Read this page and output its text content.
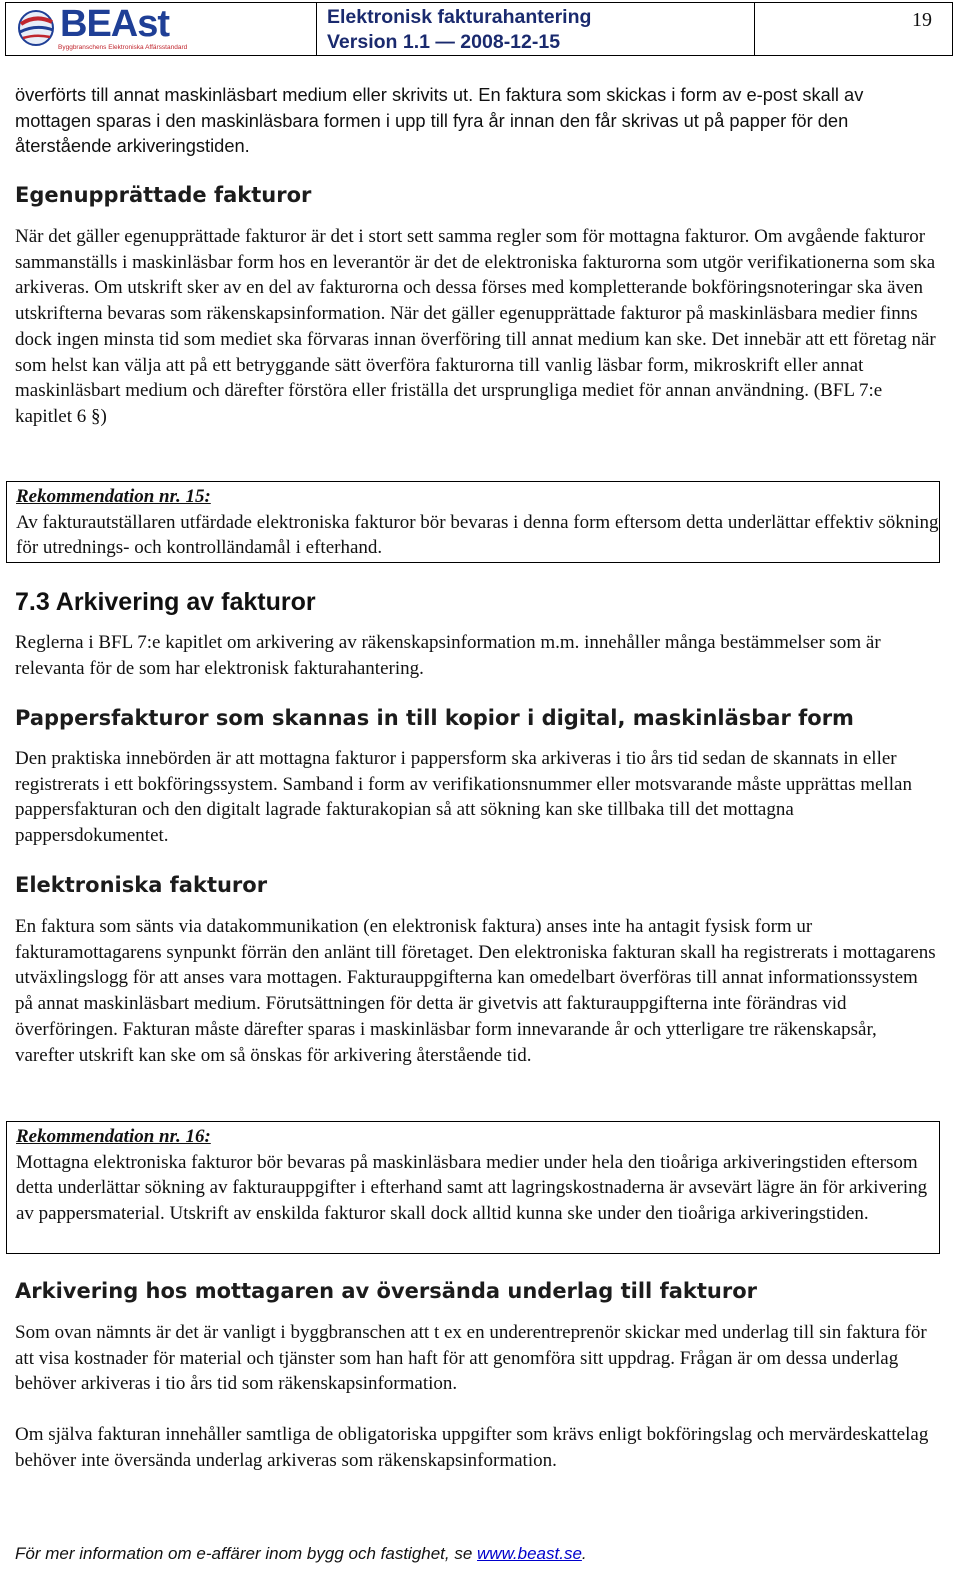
BEAst
Byggbranschens Elektroniska Affärsstandard
Elektronisk fakturahantering
Version 1.1 — 2008-12-15
19

överförts till annat maskinläsbart medium eller skrivits ut. En faktura som skickas i form av e-post skall av mottagen sparas i den maskinläsbara formen i upp till fyra år innan den får skrivas ut på papper för den återstående arkiveringstiden.

Egenupprättade fakturor

När det gäller egenupprättade fakturor är det i stort sett samma regler som för mottagna fakturor. Om avgående fakturor sammanställs i maskinläsbar form hos en leverantör är det de elektroniska fakturorna som utgör verifikationerna som ska arkiveras. Om utskrift sker av en del av fakturorna och dessa förses med kompletterande bokföringsnoteringar ska även utskrifterna bevaras som räkenskapsinformation. När det gäller egenupprättade fakturor på maskinläsbara medier finns dock ingen minsta tid som mediet ska förvaras innan överföring till annat medium kan ske. Det innebär att ett företag när som helst kan välja att på ett betryggande sätt överföra fakturorna till vanlig läsbar form, mikroskrift eller annat maskinläsbart medium och därefter förstöra eller friställa det ursprungliga mediet för annan användning. (BFL 7:e kapitlet 6 §)

Rekommendation nr. 15:
Av fakturautställaren utfärdade elektroniska fakturor bör bevaras i denna form eftersom detta underlättar effektiv sökning för utrednings- och kontrolländamål i efterhand.
7.3 Arkivering av fakturor

Reglerna i BFL 7:e kapitlet om arkivering av räkenskapsinformation m.m. innehåller många bestämmelser som är relevanta för de som har elektronisk fakturahantering.

Pappersfakturor som skannas in till kopior i digital, maskinläsbar form

Den praktiska innebörden är att mottagna fakturor i pappersform ska arkiveras i tio års tid sedan de skannats in eller registrerats i ett bokföringssystem. Samband i form av verifikationsnummer eller motsvarande måste upprättas mellan pappersfakturan och den digitalt lagrade fakturakopian så att sökning kan ske tillbaka till det mottagna pappersdokumentet.

Elektroniska fakturor

En faktura som sänts via datakommunikation (en elektronisk faktura) anses inte ha antagit fysisk form ur fakturamottagarens synpunkt förrän den anlänt till företaget. Den elektroniska fakturan skall ha registrerats i mottagarens utväxlingslogg för att anses vara mottagen. Fakturauppgifterna kan omedelbart överföras till annat informationssystem på annat maskinläsbart medium. Förutsättningen för detta är givetvis att fakturauppgifterna inte förändras vid överföringen. Fakturan måste därefter sparas i maskinläsbar form innevarande år och ytterligare tre räkenskapsår, varefter utskrift kan ske om så önskas för arkivering återstående tid.

Rekommendation nr. 16:
Mottagna elektroniska fakturor bör bevaras på maskinläsbara medier under hela den tioåriga arkiveringstiden eftersom detta underlättar sökning av fakturauppgifter i efterhand samt att lagringskostnaderna är avsevärt lägre än för arkivering av pappersmaterial. Utskrift av enskilda fakturor skall dock alltid kunna ske under den tioåriga arkiveringstiden.
Arkivering hos mottagaren av översända underlag till fakturor

Som ovan nämnts är det är vanligt i byggbranschen att t ex en underentreprenör skickar med underlag till sin faktura för att visa kostnader för material och tjänster som han haft för att genomföra sitt uppdrag. Frågan är om dessa underlag behöver arkiveras i tio års tid som räkenskapsinformation.

Om själva fakturan innehåller samtliga de obligatoriska uppgifter som krävs enligt bokföringslag och mervärdeskattelag behöver inte översända underlag arkiveras som räkenskapsinformation.

För mer information om e-affärer inom bygg och fastighet, se www.beast.se.
